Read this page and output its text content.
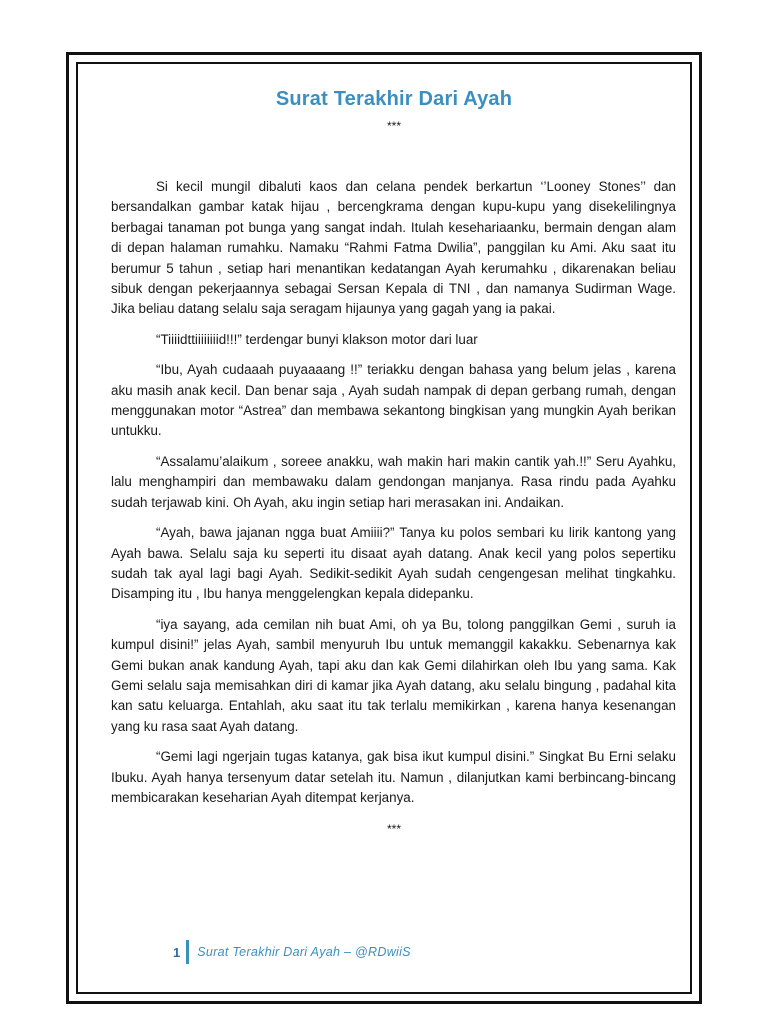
Surat Terakhir Dari Ayah
***

Si kecil mungil dibaluti kaos dan celana pendek berkartun ‘’Looney Stones’’ dan bersandalkan gambar katak hijau , bercengkrama dengan kupu-kupu yang disekelilingnya berbagai tanaman pot bunga yang sangat indah. Itulah kesehariaanku, bermain dengan alam di depan halaman rumahku. Namaku “Rahmi Fatma Dwilia”, panggilan ku Ami. Aku saat itu berumur 5 tahun , setiap hari menantikan kedatangan Ayah kerumahku , dikarenakan beliau sibuk dengan pekerjaannya sebagai Sersan Kepala di TNI , dan namanya Sudirman Wage. Jika beliau datang selalu saja seragam hijaunya yang gagah yang ia pakai.

“Tiiiidttiiiiiiiid!!!” terdengar bunyi klakson motor dari luar

“Ibu, Ayah cudaaah puyaaaang !!” teriakku dengan bahasa yang belum jelas , karena aku masih anak kecil. Dan benar saja , Ayah sudah nampak di depan gerbang rumah, dengan menggunakan motor “Astrea” dan membawa sekantong bingkisan yang mungkin Ayah berikan untukku.

“Assalamu’alaikum , soreee anakku, wah makin hari makin cantik yah.!!” Seru Ayahku, lalu menghampiri dan membawaku dalam gendongan manjanya. Rasa rindu pada Ayahku sudah terjawab kini. Oh Ayah, aku ingin setiap hari merasakan ini. Andaikan.

“Ayah, bawa jajanan ngga buat Amiiii?” Tanya ku polos sembari ku lirik kantong yang Ayah bawa. Selalu saja ku seperti itu disaat ayah datang. Anak kecil yang polos sepertiku sudah tak ayal lagi bagi Ayah. Sedikit-sedikit Ayah sudah cengengesan melihat tingkahku. Disamping itu , Ibu hanya menggelengkan kepala didepanku.

“iya sayang, ada cemilan nih buat Ami, oh ya Bu, tolong panggilkan Gemi , suruh ia kumpul disini!” jelas Ayah, sambil menyuruh Ibu untuk memanggil kakakku. Sebenarnya kak Gemi bukan anak kandung Ayah, tapi aku dan kak Gemi dilahirkan oleh Ibu yang sama. Kak Gemi selalu saja memisahkan diri di kamar jika Ayah datang, aku selalu bingung , padahal kita kan satu keluarga. Entahlah, aku saat itu tak terlalu memikirkan , karena hanya kesenangan yang ku rasa saat Ayah datang.

“Gemi lagi ngerjain tugas katanya, gak bisa ikut kumpul disini.” Singkat Bu Erni selaku Ibuku. Ayah hanya tersenyum datar setelah itu. Namun , dilanjutkan kami berbincang-bincang membicarakan keseharian Ayah ditempat kerjanya.

***
1	Surat Terakhir Dari Ayah – @RDwiiS
